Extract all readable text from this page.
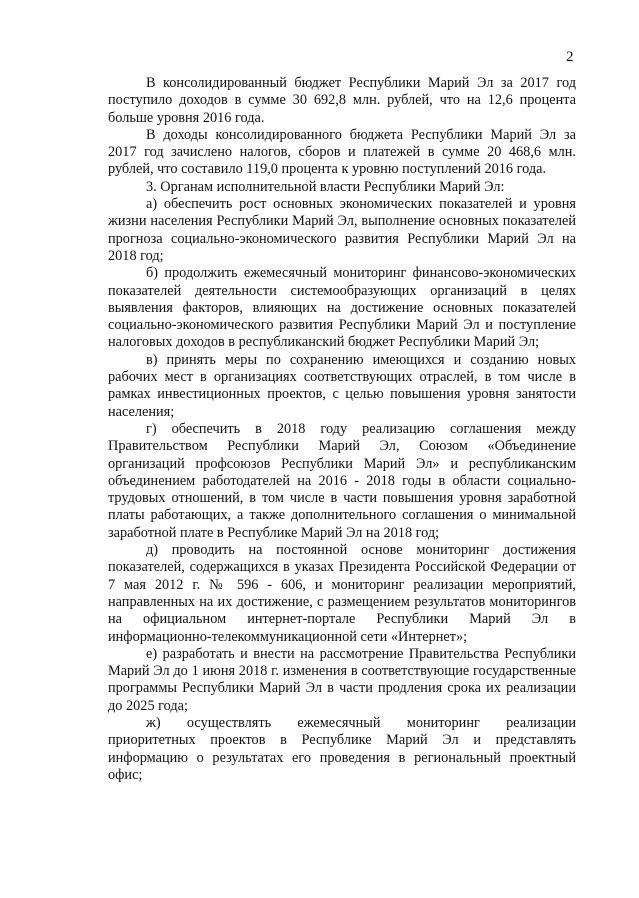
2

В консолидированный бюджет Республики Марий Эл за 2017 год поступило доходов в сумме 30 692,8 млн. рублей, что на 12,6 процента больше уровня 2016 года.

В доходы консолидированного бюджета Республики Марий Эл за 2017 год зачислено налогов, сборов и платежей в сумме 20 468,6 млн. рублей, что составило 119,0 процента к уровню поступлений 2016 года.

3. Органам исполнительной власти Республики Марий Эл:

а) обеспечить рост основных экономических показателей и уровня жизни населения Республики Марий Эл, выполнение основных показателей прогноза социально-экономического развития Республики Марий Эл на 2018 год;

б) продолжить ежемесячный мониторинг финансово-экономических показателей деятельности системообразующих организаций в целях выявления факторов, влияющих на достижение основных показателей социально-экономического развития Республики Марий Эл и поступление налоговых доходов в республиканский бюджет Республики Марий Эл;

в) принять меры по сохранению имеющихся и созданию новых рабочих мест в организациях соответствующих отраслей, в том числе в рамках инвестиционных проектов, с целью повышения уровня занятости населения;

г) обеспечить в 2018 году реализацию соглашения между Правительством Республики Марий Эл, Союзом «Объединение организаций профсоюзов Республики Марий Эл» и республиканским объединением работодателей на 2016 - 2018 годы в области социально-трудовых отношений, в том числе в части повышения уровня заработной платы работающих, а также дополнительного соглашения о минимальной заработной плате в Республике Марий Эл на 2018 год;

д) проводить на постоянной основе мониторинг достижения показателей, содержащихся в указах Президента Российской Федерации от 7 мая 2012 г. № 596 - 606, и мониторинг реализации мероприятий, направленных на их достижение, с размещением результатов мониторингов на официальном интернет-портале Республики Марий Эл в информационно-телекоммуникационной сети «Интернет»;

е) разработать и внести на рассмотрение Правительства Республики Марий Эл до 1 июня 2018 г. изменения в соответствующие государственные программы Республики Марий Эл в части продления срока их реализации до 2025 года;

ж) осуществлять ежемесячный мониторинг реализации приоритетных проектов в Республике Марий Эл и представлять информацию о результатах его проведения в региональный проектный офис;
